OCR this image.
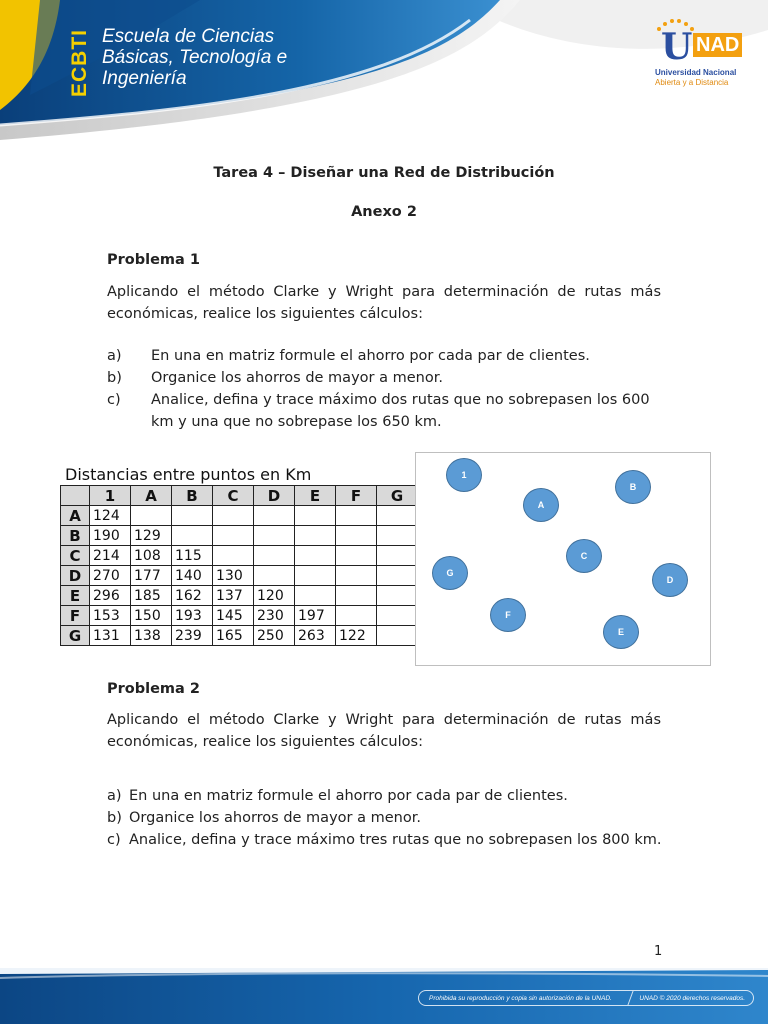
ECBTI Escuela de Ciencias
Básicas, Tecnología e
Ingeniería
U NAD
Universidad Nacional
Abierta y a Distancia
Tarea 4 – Diseñar una Red de Distribución
Anexo 2
Problema 1
Aplicando el método Clarke y Wright para determinación de rutas más económicas, realice los siguientes cálculos:
a)	En una en matriz formule el ahorro por cada par de clientes.
b)	Organice los ahorros de mayor a menor.
c)	Analice, defina y trace máximo dos rutas que no sobrepasen los 600 km y una que no sobrepase los 650 km.
Distancias entre puntos en Km
	1	A	B	C	D	E	F	G
A	124							
B	190	129						
C	214	108	115					
D	270	177	140	130				
E	296	185	162	137	120			
F	153	150	193	145	230	197		
G	131	138	239	165	250	263	122	
1
A
B
C
G
D
F
E
Problema 2
Aplicando el método Clarke y Wright para determinación de rutas más económicas, realice los siguientes cálculos:
a) En una en matriz formule el ahorro por cada par de clientes.
b) Organice los ahorros de mayor a menor.
c) Analice, defina y trace máximo tres rutas que no sobrepasen los 800 km.
1
Prohibida su reproducción y copia sin autorización de la UNAD.	UNAD © 2020 derechos reservados.
